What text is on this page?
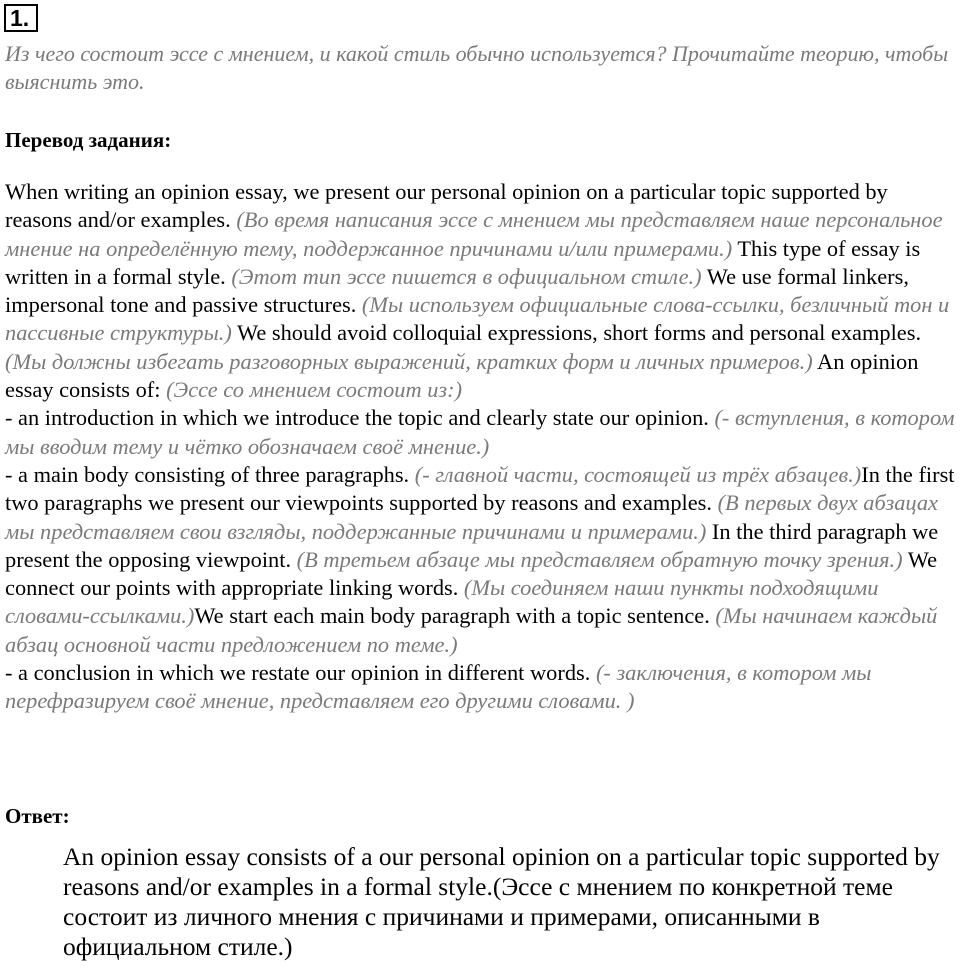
1.

Из чего состоит эссе с мнением, и какой стиль обычно используется? Прочитайте теорию, чтобы выяснить это.

Перевод задания:

When writing an opinion essay, we present our personal opinion on a particular topic supported by reasons and/or examples. (Во время написания эссе с мнением мы представляем наше персональное мнение на определённую тему, поддержанное причинами и/или примерами.) This type of essay is written in a formal style. (Этот тип эссе пишется в официальном стиле.) We use formal linkers, impersonal tone and passive structures. (Мы используем официальные слова-ссылки, безличный тон и пассивные структуры.) We should avoid colloquial expressions, short forms and personal examples. (Мы должны избегать разговорных выражений, кратких форм и личных примеров.) An opinion essay consists of: (Эссе со мнением состоит из:)

- an introduction in which we introduce the topic and clearly state our opinion. (- вступления, в котором мы вводим тему и чётко обозначаем своё мнение.)

- a main body consisting of three paragraphs. (- главной части, состоящей из трёх абзацев.)In the first two paragraphs we present our viewpoints supported by reasons and examples. (В первых двух абзацах мы представляем свои взгляды, поддержанные причинами и примерами.) In the third paragraph we present the opposing viewpoint. (В третьем абзаце мы представляем обратную точку зрения.) We connect our points with appropriate linking words. (Мы соединяем наши пункты подходящими словами-ссылками.)We start each main body paragraph with a topic sentence. (Мы начинаем каждый абзац основной части предложением по теме.)

- a conclusion in which we restate our opinion in different words. (- заключения, в котором мы перефразируем своё мнение, представляем его другими словами. )

Ответ:

An opinion essay consists of a our personal opinion on a particular topic supported by reasons and/or examples in a formal style.(Эссе с мнением по конкретной теме состоит из личного мнения с причинами и примерами, описанными в официальном стиле.)
